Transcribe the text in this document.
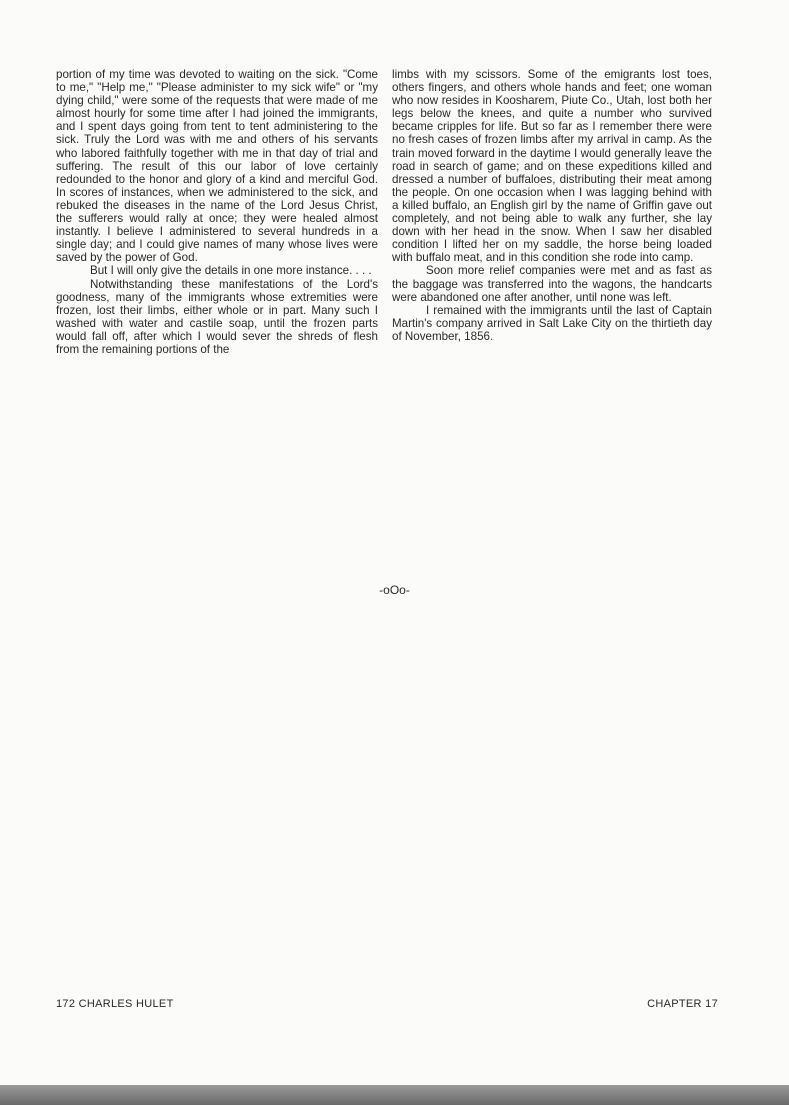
portion of my time was devoted to waiting on the sick. "Come to me," "Help me," "Please administer to my sick wife" or "my dying child," were some of the requests that were made of me almost hourly for some time after I had joined the immigrants, and I spent days going from tent to tent administering to the sick. Truly the Lord was with me and others of his servants who labored faithfully together with me in that day of trial and suffering. The result of this our labor of love certainly redounded to the honor and glory of a kind and merciful God. In scores of instances, when we administered to the sick, and rebuked the diseases in the name of the Lord Jesus Christ, the sufferers would rally at once; they were healed almost instantly. I believe I administered to several hundreds in a single day; and I could give names of many whose lives were saved by the power of God.

But I will only give the details in one more instance. . . .

Notwithstanding these manifestations of the Lord's goodness, many of the immigrants whose extremities were frozen, lost their limbs, either whole or in part. Many such I washed with water and castile soap, until the frozen parts would fall off, after which I would sever the shreds of flesh from the remaining portions of the

limbs with my scissors. Some of the emigrants lost toes, others fingers, and others whole hands and feet; one woman who now resides in Koosharem, Piute Co., Utah, lost both her legs below the knees, and quite a number who survived became cripples for life. But so far as I remember there were no fresh cases of frozen limbs after my arrival in camp. As the train moved forward in the daytime I would generally leave the road in search of game; and on these expeditions killed and dressed a number of buffaloes, distributing their meat among the people. On one occasion when I was lagging behind with a killed buffalo, an English girl by the name of Griffin gave out completely, and not being able to walk any further, she lay down with her head in the snow. When I saw her disabled condition I lifted her on my saddle, the horse being loaded with buffalo meat, and in this condition she rode into camp.

Soon more relief companies were met and as fast as the baggage was transferred into the wagons, the handcarts were abandoned one after another, until none was left.

I remained with the immigrants until the last of Captain Martin's company arrived in Salt Lake City on the thirtieth day of November, 1856.

-oOo-
172 CHARLES HULET	CHAPTER 17
